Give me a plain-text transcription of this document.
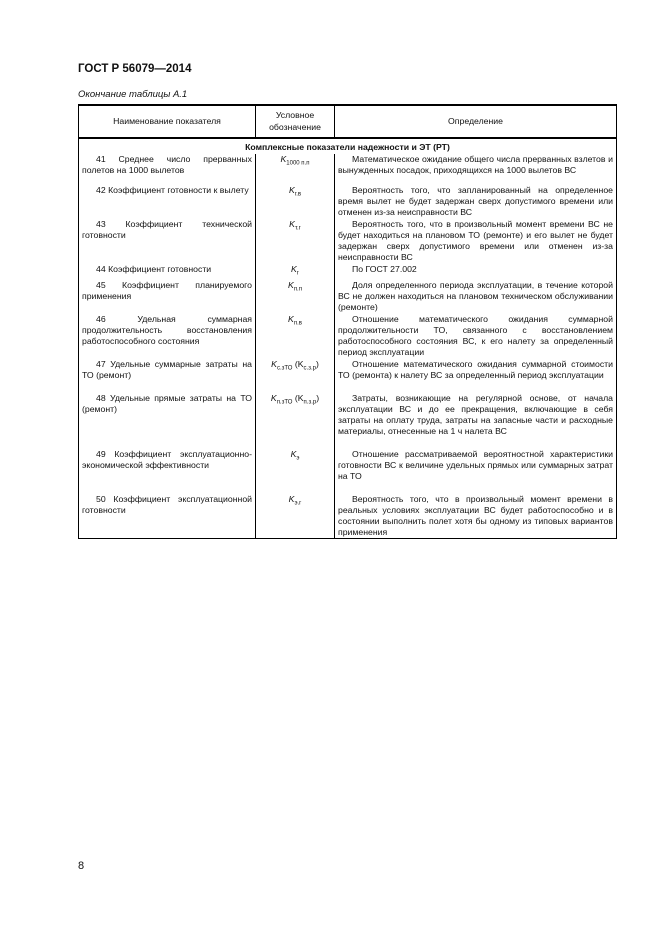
ГОСТ Р 56079—2014
Окончание таблицы А.1
Наименование показателя	Условное обозначение	Определение
Комплексные показатели надежности и ЭТ (РТ)		

41 Среднее число прерванных полетов на 1000 вылетов	$K_{1000 п.п}$	Математическое ожидание общего числа прерванных взлетов и вынужденных посадок, приходящихся на 1000 вылетов ВС

42 Коэффициент готовности к вылету	$K_{г.в}$	Вероятность того, что запланированный на определенное время вылет не будет задержан сверх допустимого времени или отменен из-за неисправности ВС

43 Коэффициент технической готовности	$K_{т.г}$	Вероятность того, что в произвольный момент времени ВС не будет находиться на плановом ТО (ремонте) и его вылет не будет задержан сверх допустимого времени или отменен из-за неисправности ВС

44 Коэффициент готовности	$K_г$	По ГОСТ 27.002

45 Коэффициент планируемого применения	$K_{п.п}$	Доля определенного периода эксплуатации, в течение которой ВС не должен находиться на плановом техническом обслуживании (ремонте)

46 Удельная суммарная продолжительность восстановления работоспособного состояния	$K_{п.в}$	Отношение математического ожидания суммарной продолжительности ТО, связанного с восстановлением работоспособного состояния ВС, к его налету за определенный период эксплуатации

47 Удельные суммарные затраты на ТО (ремонт)	$K_{с.зТО}$ $(K_{с.з.р})$	Отношение математического ожидания суммарной стоимости ТО (ремонта) к налету ВС за определенный период эксплуатации

48 Удельные прямые затраты на ТО (ремонт)	$K_{п.зТО}$ $(K_{п.з.р})$	Затраты, возникающие на регулярной основе, от начала эксплуатации ВС и до ее прекращения, включающие в себя затраты на оплату труда, затраты на запасные части и расходные материалы, отнесенные на 1 ч налета ВС

49 Коэффициент эксплуатационно-экономической эффективности	$K_э$	Отношение рассматриваемой вероятностной характеристики готовности ВС к величине удельных прямых или суммарных затрат на ТО

50 Коэффициент эксплуатационной готовности	$K_{э.г}$	Вероятность того, что в произвольный момент времени в реальных условиях эксплуатации ВС будет работоспособно и в состоянии выполнить полет хотя бы одному из типовых вариантов применения
8
